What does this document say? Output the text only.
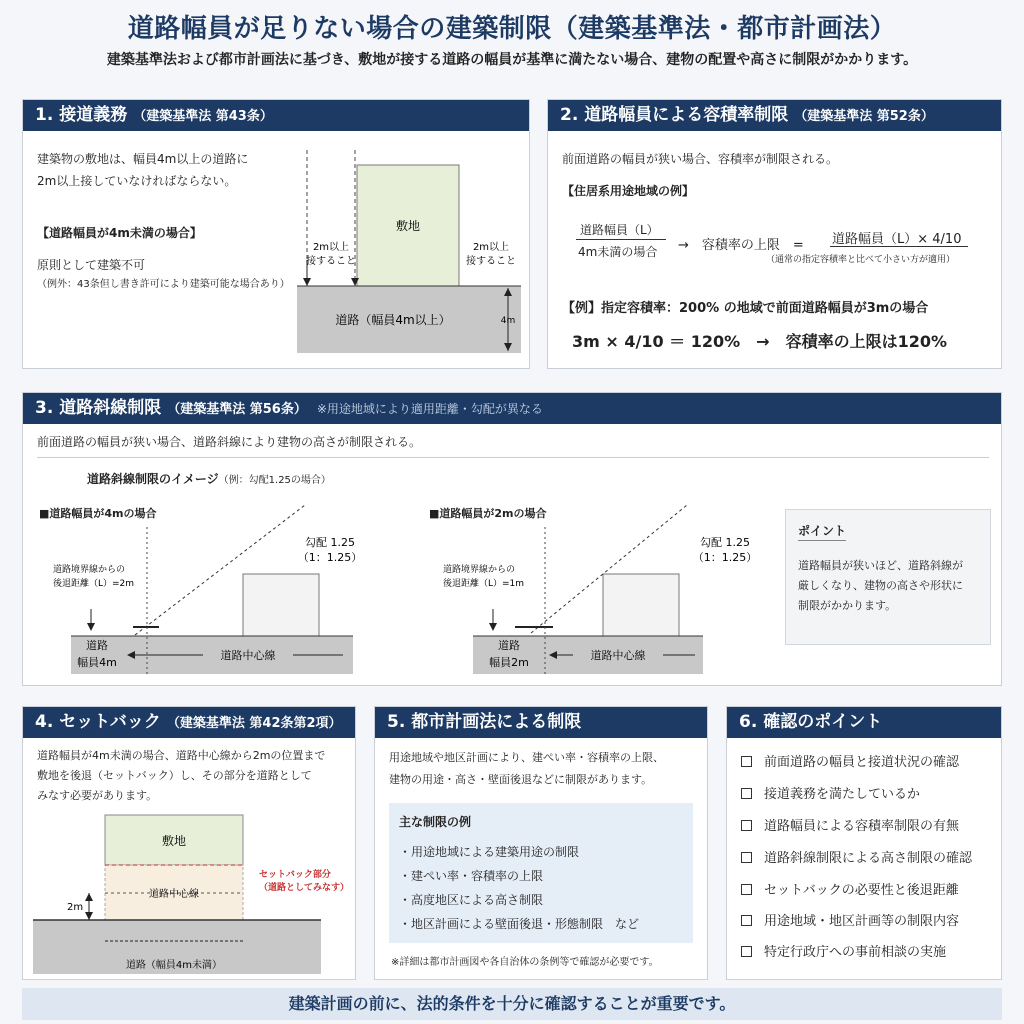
道路幅員が足りない場合の建築制限（建築基準法・都市計画法）
建築基準法および都市計画法に基づき、敷地が接する道路の幅員が基準に満たない場合、建物の配置や高さに制限がかかります。
1. 接道義務 （建築基準法 第43条）
建築物の敷地は、幅員4m以上の道路に
2m以上接していなければならない。
【道路幅員が4m未満の場合】
原則として建築不可
（例外：43条但し書き許可により建築可能な場合あり）
敷地
2m以上
接すること
2m以上
接すること
道路（幅員4m以上）	4m
2. 道路幅員による容積率制限 （建築基準法 第52条）
前面道路の幅員が狭い場合、容積率が制限される。
【住居系用途地域の例】
道路幅員（L）
4m未満の場合 →　容積率の上限　= 道路幅員（L）× 4/10
（通常の指定容積率と比べて小さい方が適用）
【例】指定容積率：200% の地域で前面道路幅員が3mの場合
3m × 4/10 ＝ 120%　→　容積率の上限は120%
3. 道路斜線制限 （建築基準法 第56条） ※用途地域により適用距離・勾配が異なる
前面道路の幅員が狭い場合、道路斜線により建物の高さが制限される。
道路斜線制限のイメージ（例：勾配1.25の場合）
■道路幅員が4mの場合
道路境界線からの
後退距離（L）=2m
勾配 1.25
（1：1.25）
道路
幅員4m
道路中心線
■道路幅員が2mの場合
道路境界線からの
後退距離（L）=1m
勾配 1.25
（1：1.25）
道路
幅員2m
道路中心線
ポイント
道路幅員が狭いほど、道路斜線が
厳しくなり、建物の高さや形状に
制限がかかります。
4. セットバック （建築基準法 第42条第2項）
道路幅員が4m未満の場合、道路中心線から2mの位置まで
敷地を後退（セットバック）し、その部分を道路として
みなす必要があります。
敷地
道路中心線
セットバック部分
（道路としてみなす）
2m
道路（幅員4m未満）
5. 都市計画法による制限
用途地域や地区計画により、建ぺい率・容積率の上限、
建物の用途・高さ・壁面後退などに制限があります。
主な制限の例
・用途地域による建築用途の制限
・建ぺい率・容積率の上限
・高度地区による高さ制限
・地区計画による壁面後退・形態制限　など
※詳細は都市計画図や各自治体の条例等で確認が必要です。
6. 確認のポイント
前面道路の幅員と接道状況の確認
接道義務を満たしているか
道路幅員による容積率制限の有無
道路斜線制限による高さ制限の確認
セットバックの必要性と後退距離
用途地域・地区計画等の制限内容
特定行政庁への事前相談の実施
建築計画の前に、法的条件を十分に確認することが重要です。
